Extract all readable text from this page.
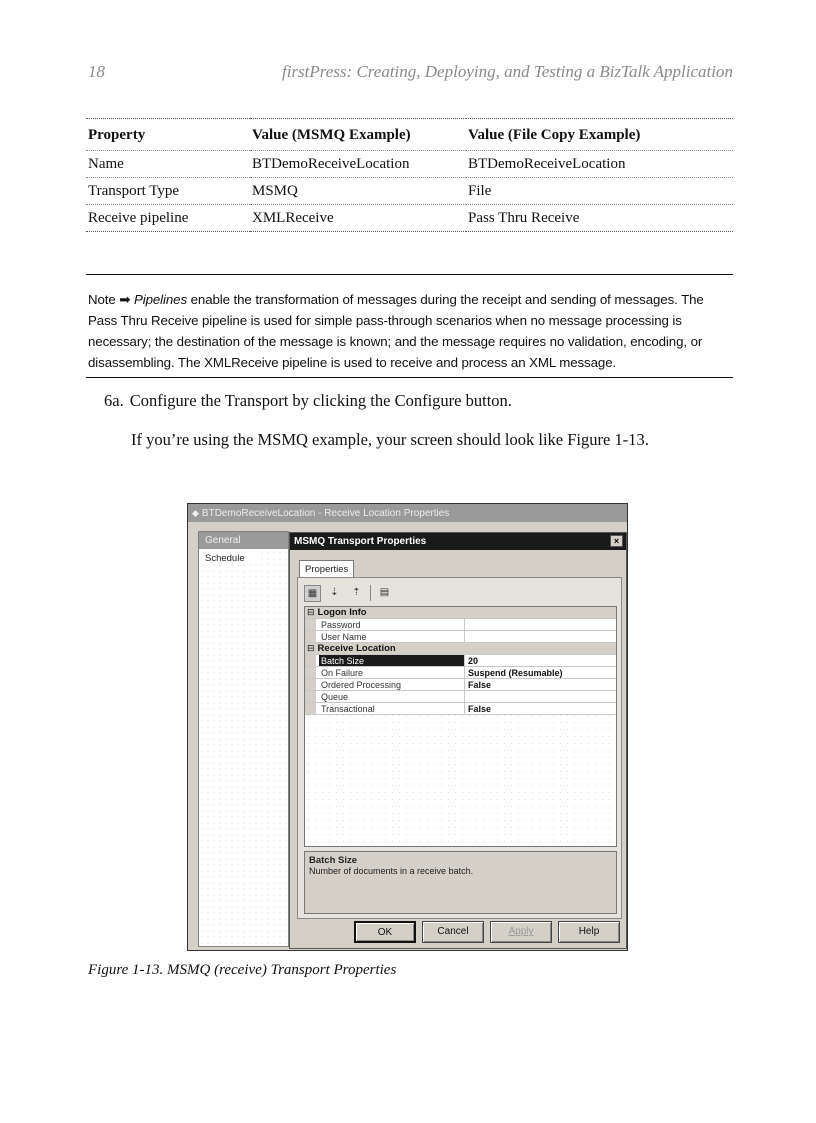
18	firstPress: Creating, Deploying, and Testing a BizTalk Application
Property	Value (MSMQ Example)	Value (File Copy Example)
Name	BTDemoReceiveLocation	BTDemoReceiveLocation
Transport Type	MSMQ	File
Receive pipeline	XMLReceive	Pass Thru Receive
Note ➡ Pipelines enable the transformation of messages during the receipt and sending of messages. The Pass Thru Receive pipeline is used for simple pass-through scenarios when no message processing is necessary; the destination of the message is known; and the message requires no validation, encoding, or disassembling. The XMLReceive pipeline is used to receive and process an XML message.
6a. Configure the Transport by clicking the Configure button.
If you’re using the MSMQ example, your screen should look like Figure 1-13.
◆ BTDemoReceiveLocation - Receive Location Properties
General
Schedule
MSMQ Transport Properties	×
Properties
▦	⇣	⇡	▤
⊟ Logon Info
Password
User Name
⊟ Receive Location
Batch Size	20
On Failure	Suspend (Resumable)
Ordered Processing	False
Queue
Transactional	False
Batch Size
Number of documents in a receive batch.
OK	Cancel	Apply	Help
Figure 1-13. MSMQ (receive) Transport Properties
